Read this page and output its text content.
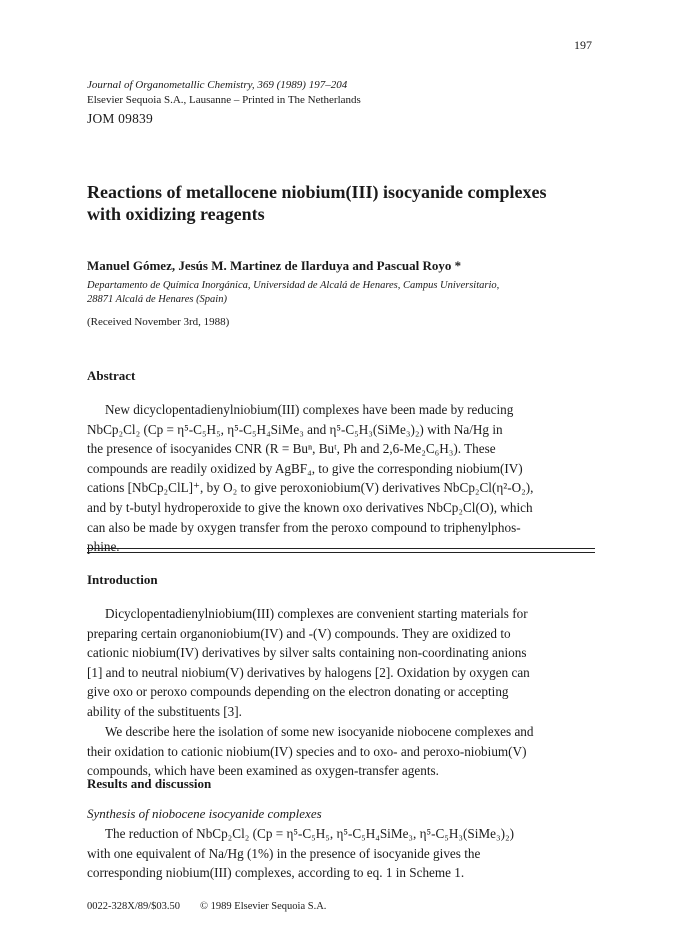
197
Journal of Organometallic Chemistry, 369 (1989) 197–204
Elsevier Sequoia S.A., Lausanne – Printed in The Netherlands
JOM 09839
Reactions of metallocene niobium(III) isocyanide complexes
with oxidizing reagents
Manuel Gómez, Jesús M. Martinez de Ilarduya and Pascual Royo *
Departamento de Química Inorgánica, Universidad de Alcalá de Henares, Campus Universitario,
28871 Alcalá de Henares (Spain)
(Received November 3rd, 1988)
Abstract
New dicyclopentadienylniobium(III) complexes have been made by reducing
NbCp₂Cl₂ (Cp = η⁵-C₅H₅, η⁵-C₅H₄SiMe₃ and η⁵-C₅H₃(SiMe₃)₂) with Na/Hg in
the presence of isocyanides CNR (R = Buⁿ, Buᵗ, Ph and 2,6-Me₂C₆H₃). These
compounds are readily oxidized by AgBF₄, to give the corresponding niobium(IV)
cations [NbCp₂ClL]⁺, by O₂ to give peroxoniobium(V) derivatives NbCp₂Cl(η²-O₂),
and by t-butyl hydroperoxide to give the known oxo derivatives NbCp₂Cl(O), which
can also be made by oxygen transfer from the peroxo compound to triphenylphos-
phine.
Introduction
Dicyclopentadienylniobium(III) complexes are convenient starting materials for
preparing certain organoniobium(IV) and -(V) compounds. They are oxidized to
cationic niobium(IV) derivatives by silver salts containing non-coordinating anions
[1] and to neutral niobium(V) derivatives by halogens [2]. Oxidation by oxygen can
give oxo or peroxo compounds depending on the electron donating or accepting
ability of the substituents [3].
We describe here the isolation of some new isocyanide niobocene complexes and
their oxidation to cationic niobium(IV) species and to oxo- and peroxo-niobium(V)
compounds, which have been examined as oxygen-transfer agents.
Results and discussion
Synthesis of niobocene isocyanide complexes
The reduction of NbCp₂Cl₂ (Cp = η⁵-C₅H₅, η⁵-C₅H₄SiMe₃, η⁵-C₅H₃(SiMe₃)₂)
with one equivalent of Na/Hg (1%) in the presence of isocyanide gives the
corresponding niobium(III) complexes, according to eq. 1 in Scheme 1.
0022-328X/89/$03.50 © 1989 Elsevier Sequoia S.A.
